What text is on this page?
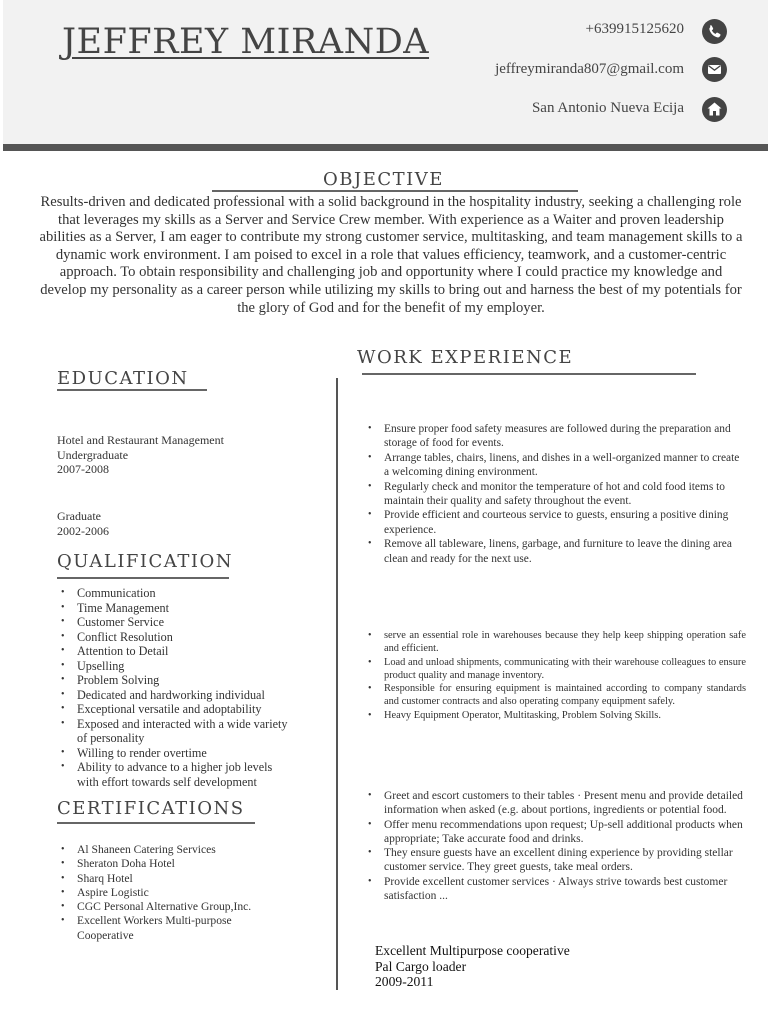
JEFFREY MIRANDA	+639915125620
jeffreymiranda807@gmail.com
San Antonio Nueva Ecija
OBJECTIVE

Results-driven and dedicated professional with a solid background in the hospitality industry, seeking a challenging role that leverages my skills as a Server and Service Crew member. With experience as a Waiter and proven leadership abilities as a Server, I am eager to contribute my strong customer service, multitasking, and team management skills to a dynamic work environment. I am poised to excel in a role that values efficiency, teamwork, and a customer-centric approach. To obtain responsibility and challenging job and opportunity where I could practice my knowledge and develop my personality as a career person while utilizing my skills to bring out and harness the best of my potentials for the glory of God and for the benefit of my employer.

EDUCATION
Hotel and Restaurant Management
Undergraduate
2007-2008
Graduate
2002-2006
QUALIFICATION
• Communication
• Time Management
• Customer Service
• Conflict Resolution
• Attention to Detail
• Upselling
• Problem Solving
• Dedicated and hardworking individual
• Exceptional versatile and adoptability
• Exposed and interacted with a wide variety of personality
• Willing to render overtime
• Ability to advance to a higher job levels with effort towards self development
CERTIFICATIONS
• Al Shaneen Catering Services
• Sheraton Doha Hotel
• Sharq Hotel
• Aspire Logistic
• CGC Personal Alternative Group,Inc.
• Excellent Workers Multi-purpose Cooperative
WORK EXPERIENCE
• Ensure proper food safety measures are followed during the preparation and storage of food for events.
• Arrange tables, chairs, linens, and dishes in a well-organized manner to create a welcoming dining environment.
• Regularly check and monitor the temperature of hot and cold food items to maintain their quality and safety throughout the event.
• Provide efficient and courteous service to guests, ensuring a positive dining experience.
• Remove all tableware, linens, garbage, and furniture to leave the dining area clean and ready for the next use.
• serve an essential role in warehouses because they help keep shipping operation safe and efficient.
• Load and unload shipments, communicating with their warehouse colleagues to ensure product quality and manage inventory.
• Responsible for ensuring equipment is maintained according to company standards and customer contracts and also operating company equipment safely.
• Heavy Equipment Operator, Multitasking, Problem Solving Skills.
• Greet and escort customers to their tables · Present menu and provide detailed information when asked (e.g. about portions, ingredients or potential food.
• Offer menu recommendations upon request; Up-sell additional products when appropriate; Take accurate food and drinks.
• They ensure guests have an excellent dining experience by providing stellar customer service. They greet guests, take meal orders.
• Provide excellent customer services · Always strive towards best customer satisfaction ...
Excellent Multipurpose cooperative
Pal Cargo loader
2009-2011
